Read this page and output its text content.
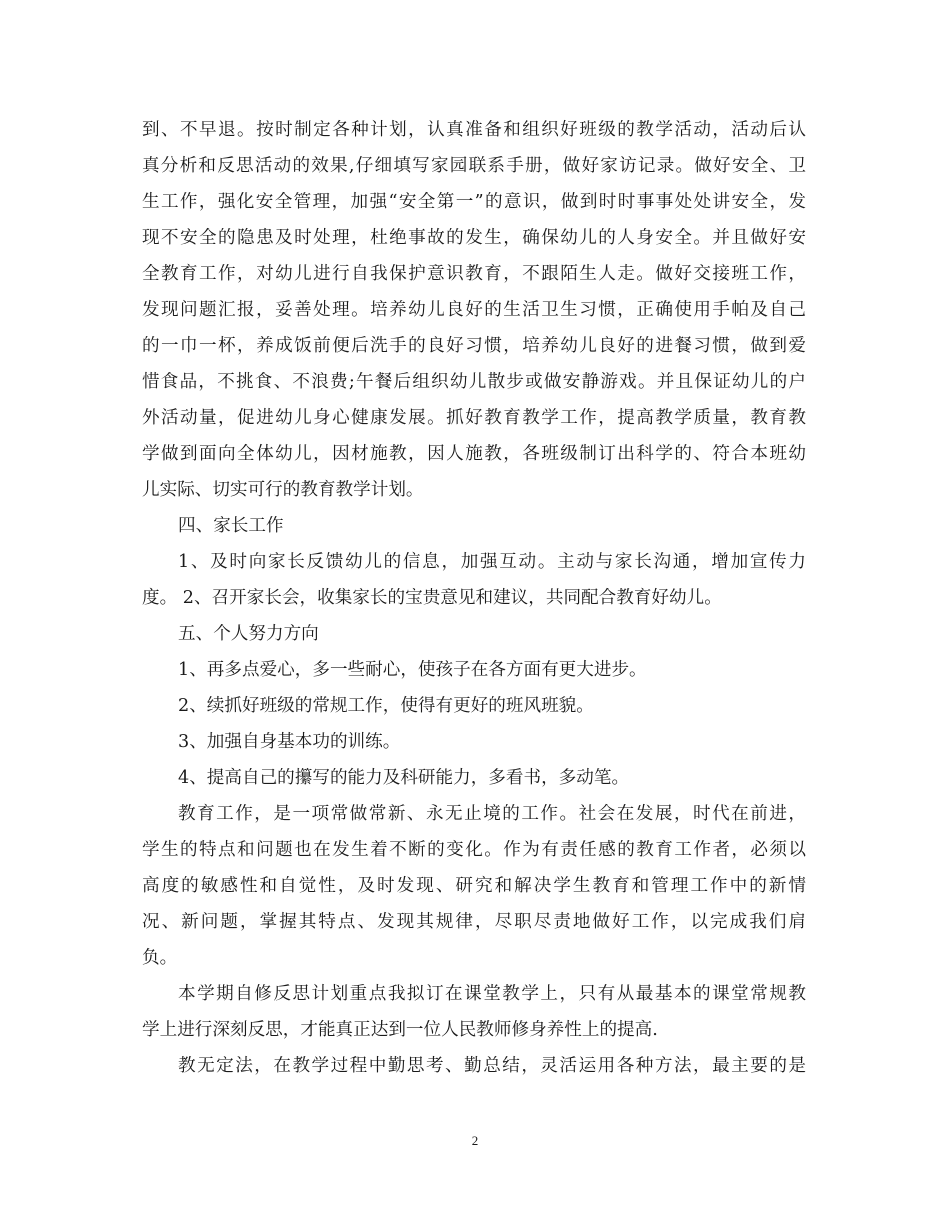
到、不早退。按时制定各种计划，认真准备和组织好班级的教学活动，活动后认
真分析和反思活动的效果,仔细填写家园联系手册，做好家访记录。做好安全、卫
生工作，强化安全管理，加强“安全第一”的意识，做到时时事事处处讲安全，发
现不安全的隐患及时处理，杜绝事故的发生，确保幼儿的人身安全。并且做好安
全教育工作，对幼儿进行自我保护意识教育，不跟陌生人走。做好交接班工作，
发现问题汇报，妥善处理。培养幼儿良好的生活卫生习惯，正确使用手帕及自己
的一巾一杯，养成饭前便后洗手的良好习惯，培养幼儿良好的进餐习惯，做到爱
惜食品，不挑食、不浪费;午餐后组织幼儿散步或做安静游戏。并且保证幼儿的户
外活动量，促进幼儿身心健康发展。抓好教育教学工作，提高教学质量，教育教
学做到面向全体幼儿，因材施教，因人施教，各班级制订出科学的、符合本班幼
儿实际、切实可行的教育教学计划。
四、家长工作
1、及时向家长反馈幼儿的信息，加强互动。主动与家长沟通，增加宣传力
度。 2、召开家长会，收集家长的宝贵意见和建议，共同配合教育好幼儿。
五、个人努力方向
1、再多点爱心，多一些耐心，使孩子在各方面有更大进步。
2、续抓好班级的常规工作，使得有更好的班风班貌。
3、加强自身基本功的训练。
4、提高自己的攥写的能力及科研能力，多看书，多动笔。
教育工作，是一项常做常新、永无止境的工作。社会在发展，时代在前进，
学生的特点和问题也在发生着不断的变化。作为有责任感的教育工作者，必须以
高度的敏感性和自觉性，及时发现、研究和解决学生教育和管理工作中的新情
况、新问题，掌握其特点、发现其规律，尽职尽责地做好工作，以完成我们肩
负。
本学期自修反思计划重点我拟订在课堂教学上，只有从最基本的课堂常规教
学上进行深刻反思，才能真正达到一位人民教师修身养性上的提高.
教无定法，在教学过程中勤思考、勤总结，灵活运用各种方法，最主要的是
2
